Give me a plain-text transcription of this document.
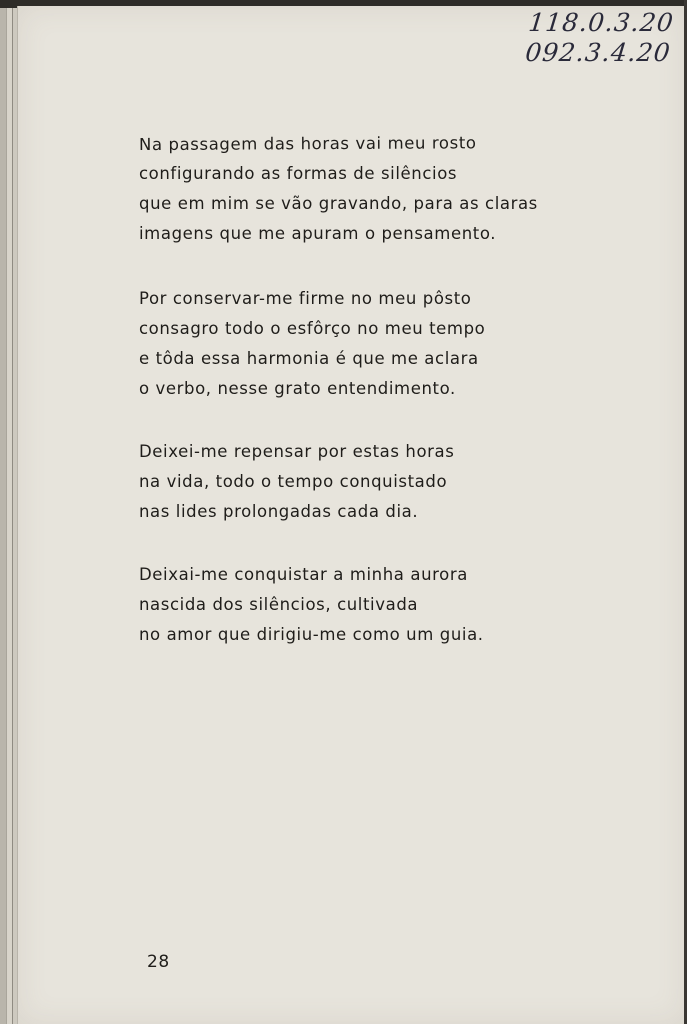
118.0.3.20
092.3.4.20
Na passagem das horas vai meu rosto
configurando as formas de silêncios
que em mim se vão gravando, para as claras
imagens que me apuram o pensamento.
Por conservar-me firme no meu pôsto
consagro todo o esfôrço no meu tempo
e tôda essa harmonia é que me aclara
o verbo, nesse grato entendimento.
Deixei-me repensar por estas horas
na vida, todo o tempo conquistado
nas lides prolongadas cada dia.
Deixai-me conquistar a minha aurora
nascida dos silêncios, cultivada
no amor que dirigiu-me como um guia.
28
